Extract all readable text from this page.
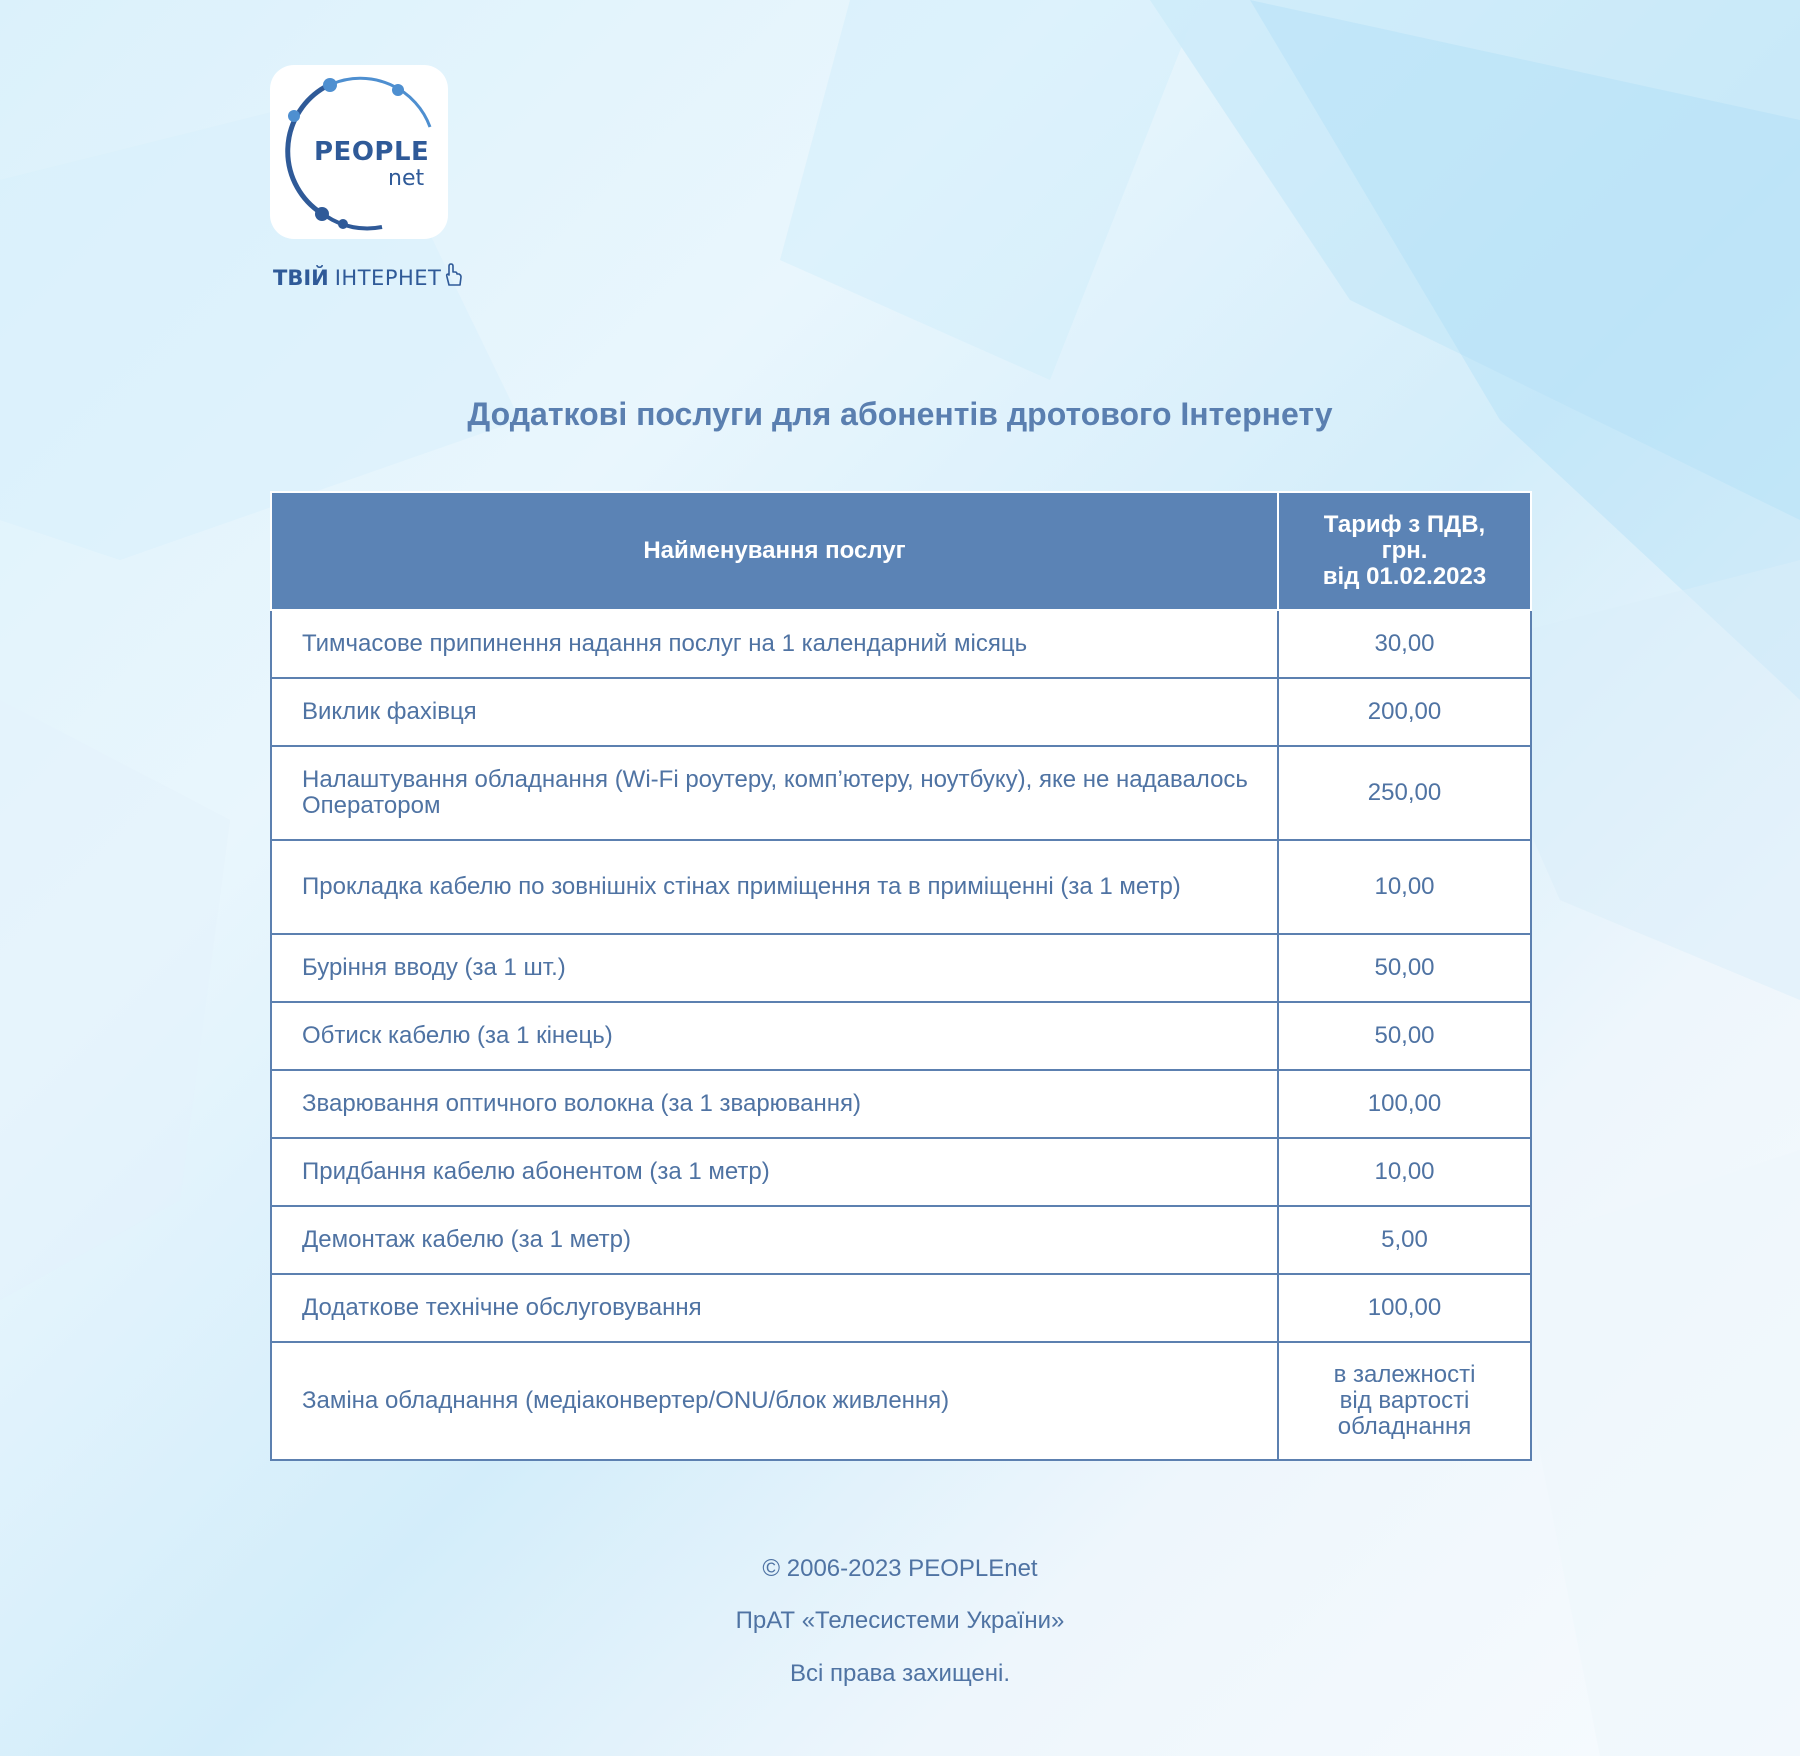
PEOPLE
net
ТВІЙ ІНТЕРНЕТ
Додаткові послуги для абонентів дротового Інтернету
Найменування послуг	Тариф з ПДВ,
грн.
від 01.02.2023
Тимчасове припинення надання послуг на 1 календарний місяць	30,00
Виклик фахівця	200,00
Налаштування обладнання (Wi-Fi роутеру, комп’ютеру, ноутбуку), яке не надавалось Оператором	250,00
Прокладка кабелю по зовнішніх стінах приміщення та в приміщенні (за 1 метр)	10,00
Буріння вводу (за 1 шт.)	50,00
Обтиск кабелю (за 1 кінець)	50,00
Зварювання оптичного волокна (за 1 зварювання)	100,00
Придбання кабелю абонентом (за 1 метр)	10,00
Демонтаж кабелю (за 1 метр)	5,00
Додаткове технічне обслуговування	100,00
Заміна обладнання (медіаконвертер/ONU/блок живлення)	в залежності
від вартості
обладнання
© 2006-2023 PEOPLEnet
ПрАТ «Телесистеми України»
Всі права захищені.
